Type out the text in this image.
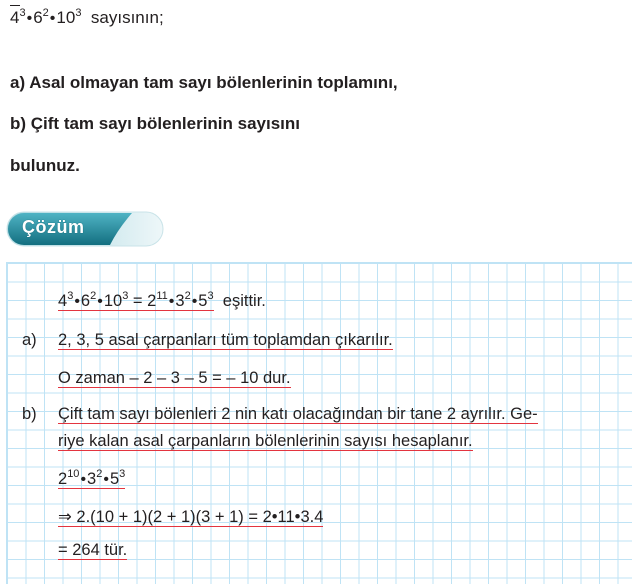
$4^3•6^2•10^3$ sayısının;
a) Asal olmayan tam sayı bölenlerinin toplamını,
b) Çift tam sayı bölenlerinin sayısını
bulunuz.
Çözüm
$4^3•6^2•10^3$ = $2^{11}•3^2•5^3$ eşittir.
a) 2, 3, 5 asal çarpanları tüm toplamdan çıkarılır.
O zaman – 2 – 3 – 5 = – 10 dur.
b) Çift tam sayı bölenleri 2 nin katı olacağından bir tane 2 ayrılır. Ge-
riye kalan asal çarpanların bölenlerinin sayısı hesaplanır.
$2^{10}•3^2•5^3$
⇒ 2.(10 + 1)(2 + 1)(3 + 1) = 2•11•3.4
= 264 tür.
